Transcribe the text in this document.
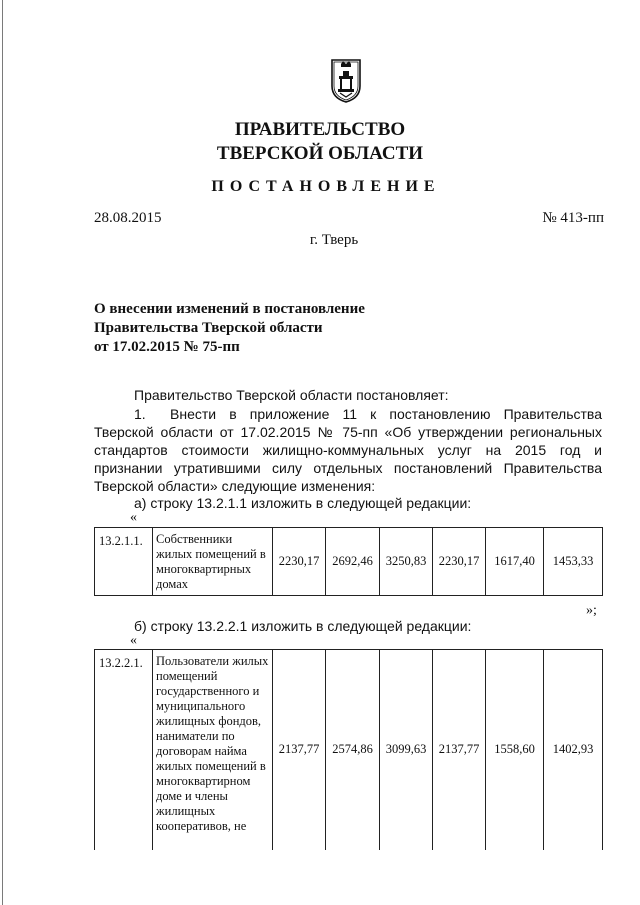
ПРАВИТЕЛЬСТВО
ТВЕРСКОЙ ОБЛАСТИ
ПОСТАНОВЛЕНИЕ
28.08.2015	№ 413-пп
г. Тверь
О внесении изменений в постановление
Правительства Тверской области
от 17.02.2015 № 75-пп
Правительство Тверской области постановляет:
1. Внести в приложение 11 к постановлению Правительства Тверской области от 17.02.2015 № 75-пп «Об утверждении региональных стандартов стоимости жилищно-коммунальных услуг на 2015 год и признании утратившими силу отдельных постановлений Правительства Тверской области» следующие изменения:
а) строку 13.2.1.1 изложить в следующей редакции:
«
13.2.1.1.	Собственники жилых помещений в многоквартирных домах	2230,17	2692,46	3250,83	2230,17	1617,40	1453,33
»;
б) строку 13.2.2.1 изложить в следующей редакции:
«
13.2.2.1.	Пользователи жилых помещений государственного и муниципального жилищных фондов, наниматели по договорам найма жилых помещений в многоквартирном доме и члены жилищных кооперативов, не	2137,77	2574,86	3099,63	2137,77	1558,60	1402,93
